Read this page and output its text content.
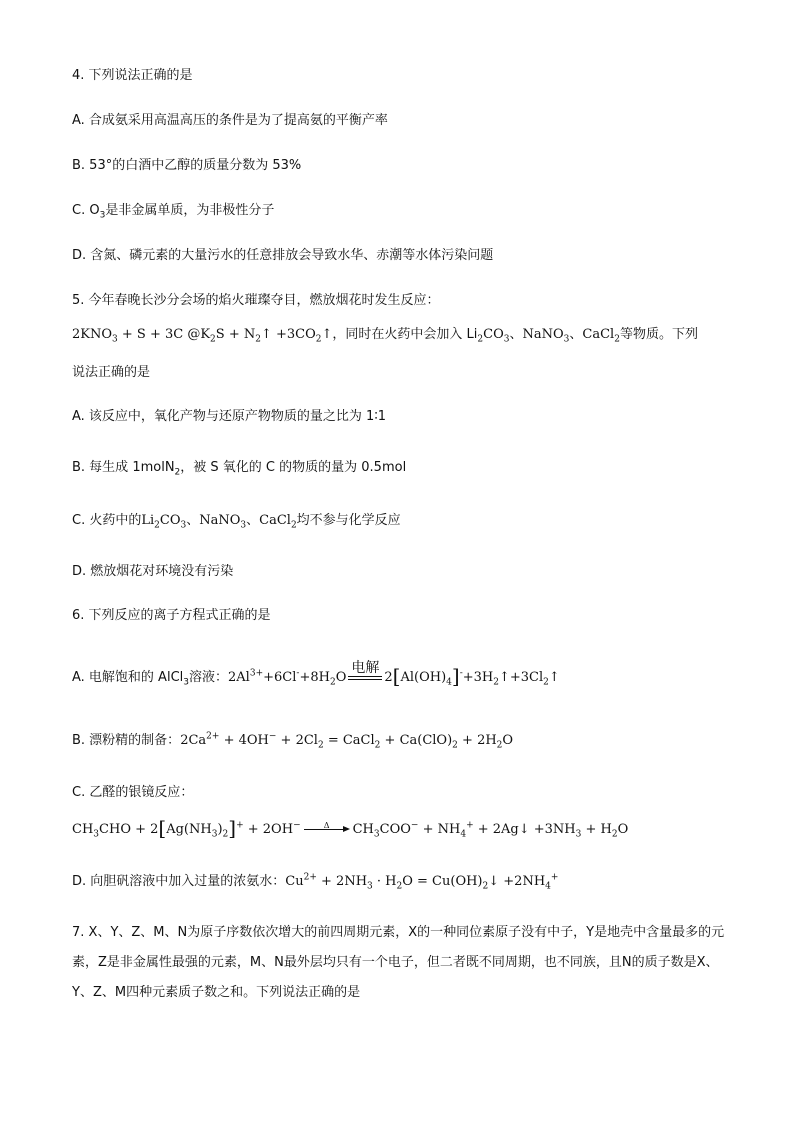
4. 下列说法正确的是
A. 合成氨采用高温高压的条件是为了提高氨的平衡产率
B. 53°的白酒中乙醇的质量分数为 53%
C. $O_3$是非金属单质，为非极性分子
D. 含氮、磷元素的大量污水的任意排放会导致水华、赤潮等水体污染问题
5. 今年春晚长沙分会场的焰火璀璨夺目，燃放烟花时发生反应：
$2KNO_3 + S + 3C$ $@K_2S$ + $N_2↑$ $+3CO_2↑$，同时在火药中会加入 $Li_2CO_3$、NaNO$_3$、CaCl$_2$等物质。下列
说法正确的是
A. 该反应中，氧化产物与还原产物物质的量之比为 1∶1
B. 每生成 1molN$_2$，被 S 氧化的 C 的物质的量为 0.5mol
C. 火药中的$Li_2CO_3$、NaNO$_3$、CaCl$_2$均不参与化学反应
D. 燃放烟花对环境没有污染
6. 下列反应的离子方程式正确的是
A. 电解饱和的 AlCl$_3$溶液：$2Al^{3+}+6Cl^-+8H_2O$
电解
$2[Al(OH)_4]^-+3H_2↑+3Cl_2↑$
B. 漂粉精的制备：$2Ca^{2+} + 4OH^- + 2Cl_2$ = CaCl$_2$ + $Ca(ClO)_2 + 2H_2O$
C. 乙醛的银镜反应：
$CH_3CHO + 2[Ag(NH_3)_2]^+ + 2OH^-$	Δ	$CH_3COO^- + NH_4^+$ + 2Ag↓ $+3NH_3 + H_2O$
D. 向胆矾溶液中加入过量的浓氨水：$Cu^{2+} + 2NH_3 \cdot H_2O$ = $Cu(OH)_2↓ +2NH_4^+$
7. X、Y、Z、M、N为原子序数依次增大的前四周期元素，X的一种同位素原子没有中子，Y是地壳中含量最多的元素，Z是非金属性最强的元素，M、N最外层均只有一个电子，但二者既不同周期，也不同族，且N的质子数是X、Y、Z、M四种元素质子数之和。下列说法正确的是
